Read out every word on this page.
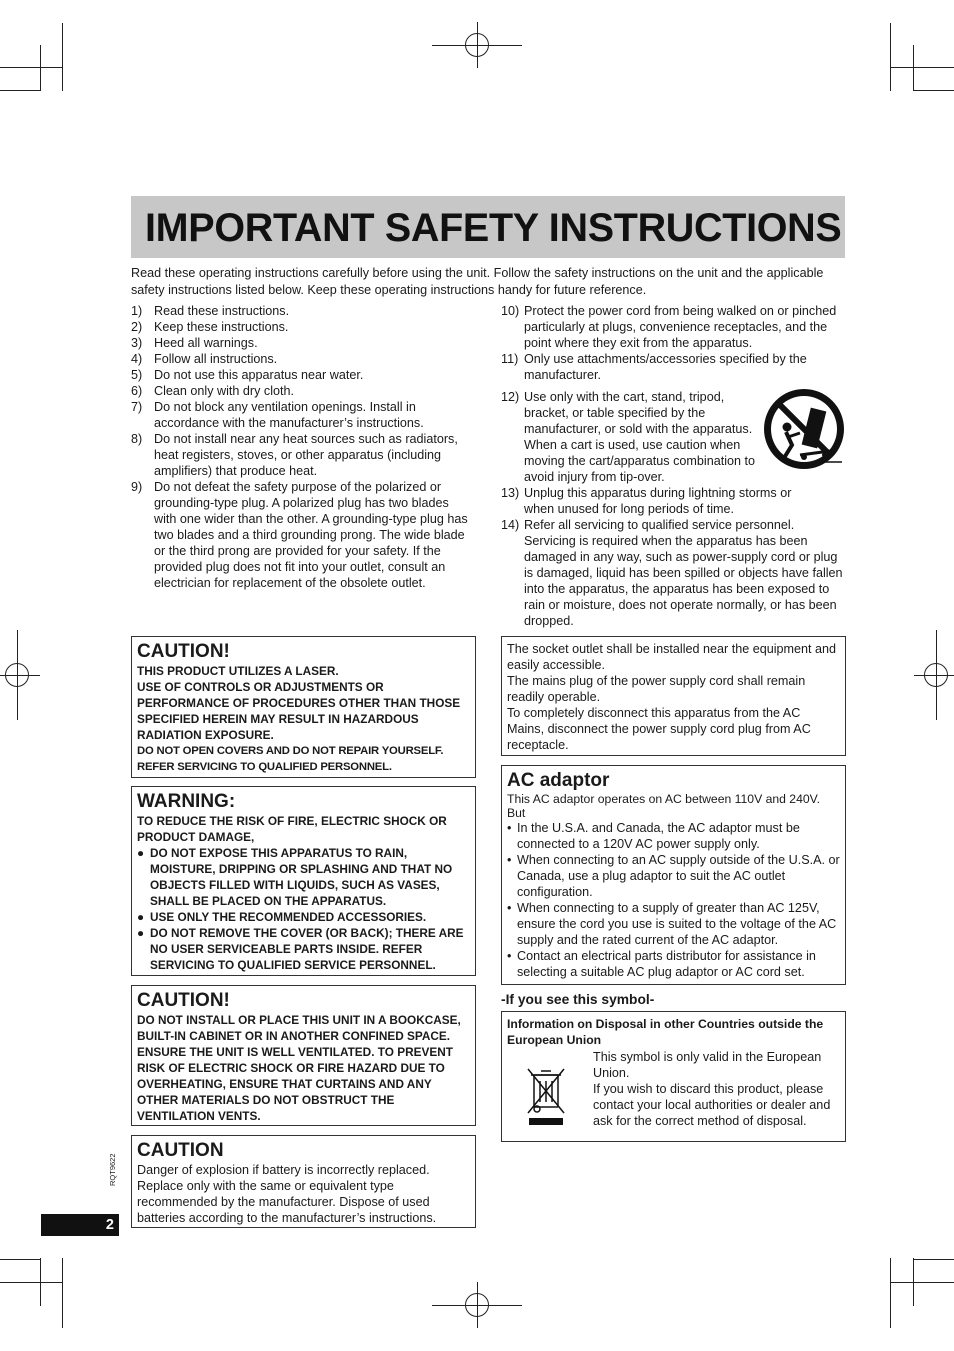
IMPORTANT SAFETY INSTRUCTIONS
Read these operating instructions carefully before using the unit. Follow the safety instructions on the unit and the applicable safety instructions listed below. Keep these operating instructions handy for future reference.
1) Read these instructions.
2) Keep these instructions.
3) Heed all warnings.
4) Follow all instructions.
5) Do not use this apparatus near water.
6) Clean only with dry cloth.
7) Do not block any ventilation openings. Install in accordance with the manufacturer’s instructions.
8) Do not install near any heat sources such as radiators, heat registers, stoves, or other apparatus (including amplifiers) that produce heat.
9) Do not defeat the safety purpose of the polarized or grounding-type plug. A polarized plug has two blades with one wider than the other. A grounding-type plug has two blades and a third grounding prong. The wide blade or the third prong are provided for your safety. If the provided plug does not fit into your outlet, consult an electrician for replacement of the obsolete outlet.
10) Protect the power cord from being walked on or pinched particularly at plugs, convenience receptacles, and the point where they exit from the apparatus.
11) Only use attachments/accessories specified by the manufacturer.
12) Use only with the cart, stand, tripod, bracket, or table specified by the manufacturer, or sold with the apparatus. When a cart is used, use caution when moving the cart/apparatus combination to avoid injury from tip-over.
13) Unplug this apparatus during lightning storms or when unused for long periods of time.
14) Refer all servicing to qualified service personnel. Servicing is required when the apparatus has been damaged in any way, such as power-supply cord or plug is damaged, liquid has been spilled or objects have fallen into the apparatus, the apparatus has been exposed to rain or moisture, does not operate normally, or has been dropped.
CAUTION!

THIS PRODUCT UTILIZES A LASER.

USE OF CONTROLS OR ADJUSTMENTS OR PERFORMANCE OF PROCEDURES OTHER THAN THOSE SPECIFIED HEREIN MAY RESULT IN HAZARDOUS RADIATION EXPOSURE.

DO NOT OPEN COVERS AND DO NOT REPAIR YOURSELF. REFER SERVICING TO QUALIFIED PERSONNEL.

WARNING:

TO REDUCE THE RISK OF FIRE, ELECTRIC SHOCK OR PRODUCT DAMAGE,

● DO NOT EXPOSE THIS APPARATUS TO RAIN, MOISTURE, DRIPPING OR SPLASHING AND THAT NO OBJECTS FILLED WITH LIQUIDS, SUCH AS VASES, SHALL BE PLACED ON THE APPARATUS.
● USE ONLY THE RECOMMENDED ACCESSORIES.
● DO NOT REMOVE THE COVER (OR BACK); THERE ARE NO USER SERVICEABLE PARTS INSIDE. REFER SERVICING TO QUALIFIED SERVICE PERSONNEL.
CAUTION!

DO NOT INSTALL OR PLACE THIS UNIT IN A BOOKCASE, BUILT-IN CABINET OR IN ANOTHER CONFINED SPACE. ENSURE THE UNIT IS WELL VENTILATED. TO PREVENT RISK OF ELECTRIC SHOCK OR FIRE HAZARD DUE TO OVERHEATING, ENSURE THAT CURTAINS AND ANY OTHER MATERIALS DO NOT OBSTRUCT THE VENTILATION VENTS.

CAUTION

Danger of explosion if battery is incorrectly replaced. Replace only with the same or equivalent type recommended by the manufacturer. Dispose of used batteries according to the manufacturer’s instructions.

The socket outlet shall be installed near the equipment and easily accessible.

The mains plug of the power supply cord shall remain readily operable.

To completely disconnect this apparatus from the AC Mains, disconnect the power supply cord plug from AC receptacle.

AC adaptor

This AC adaptor operates on AC between 110V and 240V. But

• In the U.S.A. and Canada, the AC adaptor must be connected to a 120V AC power supply only.
• When connecting to an AC supply outside of the U.S.A. or Canada, use a plug adaptor to suit the AC outlet configuration.
• When connecting to a supply of greater than AC 125V, ensure the cord you use is suited to the voltage of the AC supply and the rated current of the AC adaptor.
• Contact an electrical parts distributor for assistance in selecting a suitable AC plug adaptor or AC cord set.
-If you see this symbol-
Information on Disposal in other Countries outside the European Union

This symbol is only valid in the European Union.

If you wish to discard this product, please contact your local authorities or dealer and ask for the correct method of disposal.

RQT9622
2
